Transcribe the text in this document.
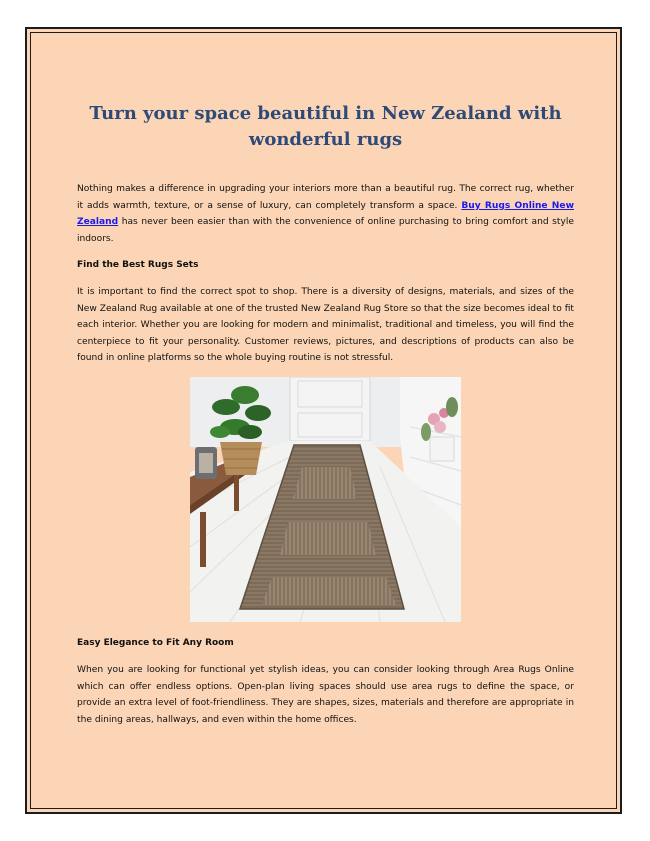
Turn your space beautiful in New Zealand with wonderful rugs

Nothing makes a difference in upgrading your interiors more than a beautiful rug. The correct rug, whether it adds warmth, texture, or a sense of luxury, can completely transform a space. Buy Rugs Online New Zealand has never been easier than with the convenience of online purchasing to bring comfort and style indoors.

Find the Best Rugs Sets

It is important to find the correct spot to shop. There is a diversity of designs, materials, and sizes of the New Zealand Rug available at one of the trusted New Zealand Rug Store so that the size becomes ideal to fit each interior. Whether you are looking for modern and minimalist, traditional and timeless, you will find the centerpiece to fit your personality. Customer reviews, pictures, and descriptions of products can also be found in online platforms so the whole buying routine is not stressful.

Easy Elegance to Fit Any Room

When you are looking for functional yet stylish ideas, you can consider looking through Area Rugs Online which can offer endless options. Open-plan living spaces should use area rugs to define the space, or provide an extra level of foot-friendliness. They are shapes, sizes, materials and therefore are appropriate in the dining areas, hallways, and even within the home offices.
